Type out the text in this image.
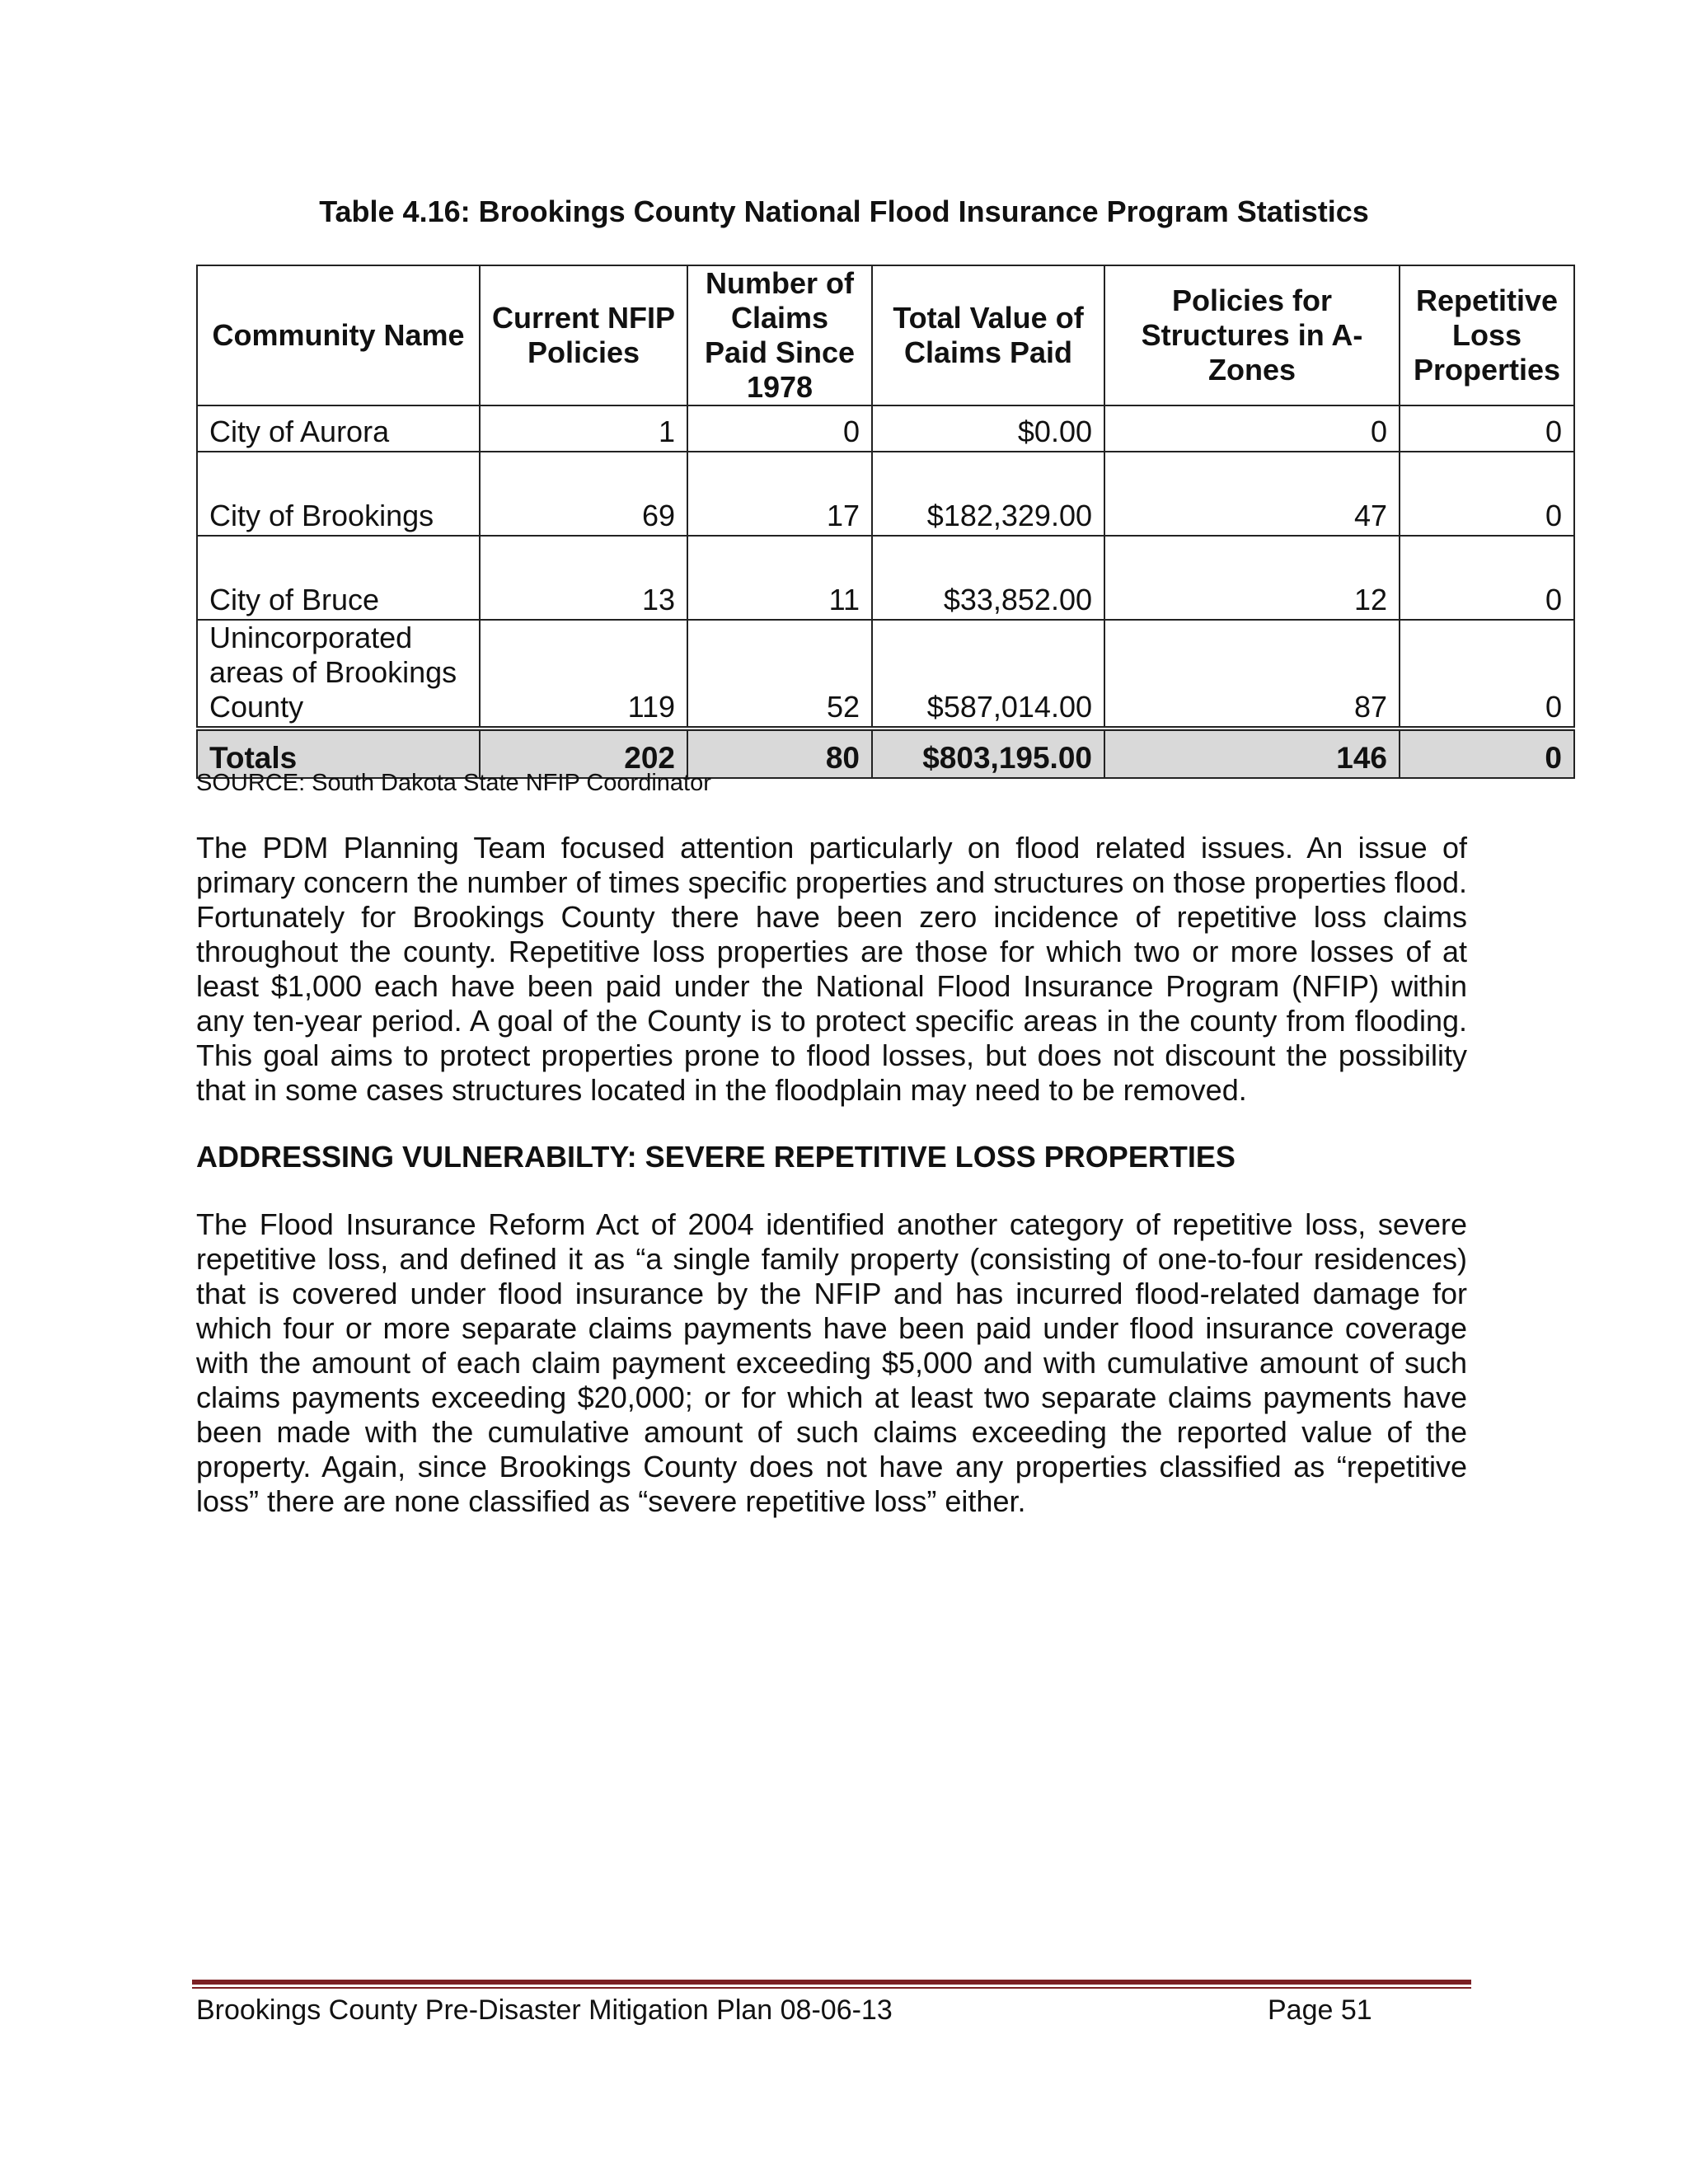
Table 4.16: Brookings County National Flood Insurance Program Statistics
Community Name	Current NFIP Policies	Number of Claims Paid Since 1978	Total Value of Claims Paid	Policies for Structures in A-Zones	Repetitive Loss Properties
City of Aurora	1	0	$0.00	0	0
City of Brookings	69	17	$182,329.00	47	0
City of Bruce	13	11	$33,852.00	12	0
Unincorporated areas of Brookings County	119	52	$587,014.00	87	0
Totals	202	80	$803,195.00	146	0
SOURCE: South Dakota State NFIP Coordinator

The PDM Planning Team focused attention particularly on flood related issues. An issue of primary concern the number of times specific properties and structures on those properties flood. Fortunately for Brookings County there have been zero incidence of repetitive loss claims throughout the county. Repetitive loss properties are those for which two or more losses of at least $1,000 each have been paid under the National Flood Insurance Program (NFIP) within any ten-year period. A goal of the County is to protect specific areas in the county from flooding. This goal aims to protect properties prone to flood losses, but does not discount the possibility that in some cases structures located in the floodplain may need to be removed.

ADDRESSING VULNERABILTY: SEVERE REPETITIVE LOSS PROPERTIES

The Flood Insurance Reform Act of 2004 identified another category of repetitive loss, severe repetitive loss, and defined it as “a single family property (consisting of one-to-four residences) that is covered under flood insurance by the NFIP and has incurred flood-related damage for which four or more separate claims payments have been paid under flood insurance coverage with the amount of each claim payment exceeding $5,000 and with cumulative amount of such claims payments exceeding $20,000; or for which at least two separate claims payments have been made with the cumulative amount of such claims exceeding the reported value of the property. Again, since Brookings County does not have any properties classified as “repetitive loss” there are none classified as “severe repetitive loss” either.

Brookings County Pre-Disaster Mitigation Plan 08-06-13	Page 51
